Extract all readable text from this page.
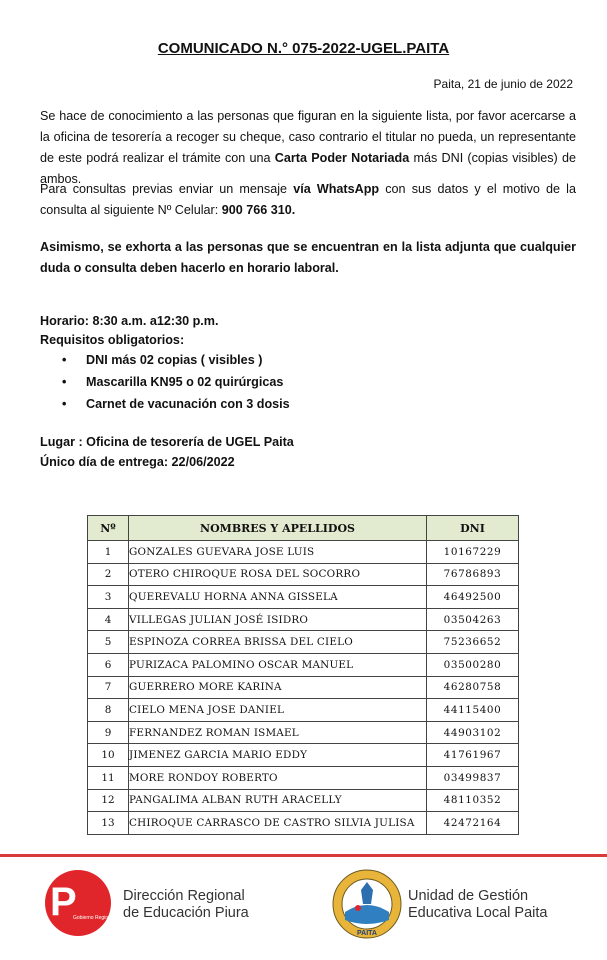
COMUNICADO N.° 075-2022-UGEL.PAITA
Paita, 21 de junio de 2022
Se hace de conocimiento a las personas que figuran en la siguiente lista, por favor acercarse a la oficina de tesorería a recoger su cheque, caso contrario el titular no pueda, un representante de este podrá realizar el trámite con una Carta Poder Notariada más DNI (copias visibles) de ambos.
Para consultas previas enviar un mensaje vía WhatsApp con sus datos y el motivo de la consulta al siguiente Nº Celular: 900 766 310.
Asimismo, se exhorta a las personas que se encuentran en la lista adjunta que cualquier duda o consulta deben hacerlo en horario laboral.
Horario: 8:30 a.m. a12:30 p.m.
Requisitos obligatorios:
• DNI más 02 copias ( visibles )
• Mascarilla KN95 o 02 quirúrgicas
• Carnet de vacunación con 3 dosis
Lugar : Oficina de tesorería de UGEL Paita
Único día de entrega: 22/06/2022
Nº	NOMBRES Y APELLIDOS	DNI
1	GONZALES GUEVARA JOSE LUIS	10167229
2	OTERO CHIROQUE ROSA DEL SOCORRO	76786893
3	QUEREVALU HORNA ANNA GISSELA	46492500
4	VILLEGAS JULIAN JOSÉ ISIDRO	03504263
5	ESPINOZA CORREA BRISSA DEL CIELO	75236652
6	PURIZACA PALOMINO OSCAR MANUEL	03500280
7	GUERRERO MORE KARINA	46280758
8	CIELO MENA JOSE DANIEL	44115400
9	FERNANDEZ ROMAN ISMAEL	44903102
10	JIMENEZ GARCIA MARIO EDDY	41761967
11	MORE RONDOY ROBERTO	03499837
12	PANGALIMA ALBAN RUTH ARACELLY	48110352
13	CHIROQUE CARRASCO DE CASTRO SILVIA JULISA	42472164
P
Gobierno Regional Piura
Dirección Regional
de Educación Piura
PAITA
Unidad de Gestión
Educativa Local Paita
